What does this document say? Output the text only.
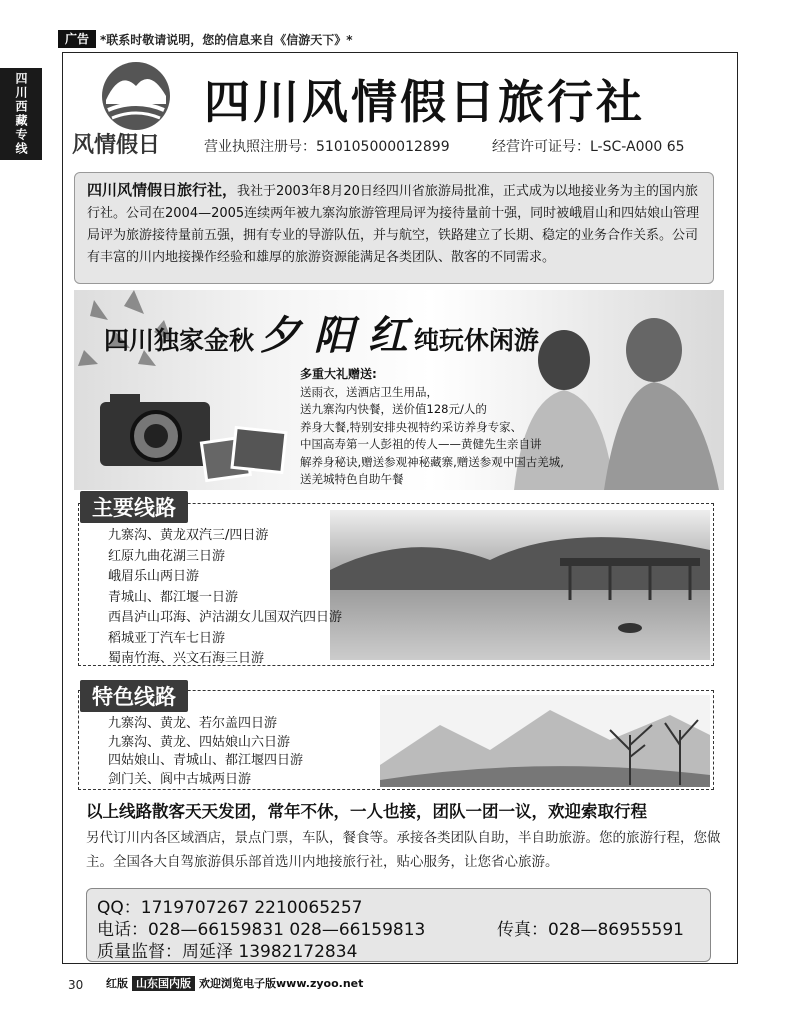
广告 *联系时敬请说明，您的信息来自《信游天下》*
四川西藏专线	风情假日
四川风情假日旅行社
营业执照注册号：510105000012899	经营许可证号：L-SC-A000 65
四川风情假日旅行社，我社于2003年8月20日经四川省旅游局批准，正式成为以地接业务为主的国内旅行社。公司在2004—2005连续两年被九寨沟旅游管理局评为接待量前十强，同时被峨眉山和四姑娘山管理局评为旅游接待量前五强，拥有专业的导游队伍，并与航空，铁路建立了长期、稳定的业务合作关系。公司有丰富的川内地接操作经验和雄厚的旅游资源能满足各类团队、散客的不同需求。
四川独家金秋 夕 阳 红 纯玩休闲游
多重大礼赠送:
送雨衣，送酒店卫生用品，
送九寨沟内快餐，送价值128元/人的
养身大餐,特别安排央视特约采访养身专家、
中国高寿第一人彭祖的传人——黄健先生亲自讲
解养身秘诀,赠送参观神秘藏寨,赠送参观中国古羌城,
送羌城特色自助午餐
主要线路
九寨沟、黄龙双汽三/四日游
红原九曲花湖三日游
峨眉乐山两日游
青城山、都江堰一日游
西昌泸山邛海、泸沽湖女儿国双汽四日游
稻城亚丁汽车七日游
蜀南竹海、兴文石海三日游
特色线路
九寨沟、黄龙、若尔盖四日游
九寨沟、黄龙、四姑娘山六日游
四姑娘山、青城山、都江堰四日游
剑门关、阆中古城两日游
以上线路散客天天发团，常年不休，一人也接，团队一团一议，欢迎索取行程
另代订川内各区域酒店，景点门票，车队，餐食等。承接各类团队自助，半自助旅游。您的旅游行程，您做主。全国各大自驾旅游俱乐部首选川内地接旅行社，贴心服务，让您省心旅游。
QQ：1719707267 2210065257
电话：028—66159831 028—66159813	传真：028—86955591
质量监督：周延泽 13982172834
30 红版 山东国内版 欢迎浏览电子版www.zyoo.net
